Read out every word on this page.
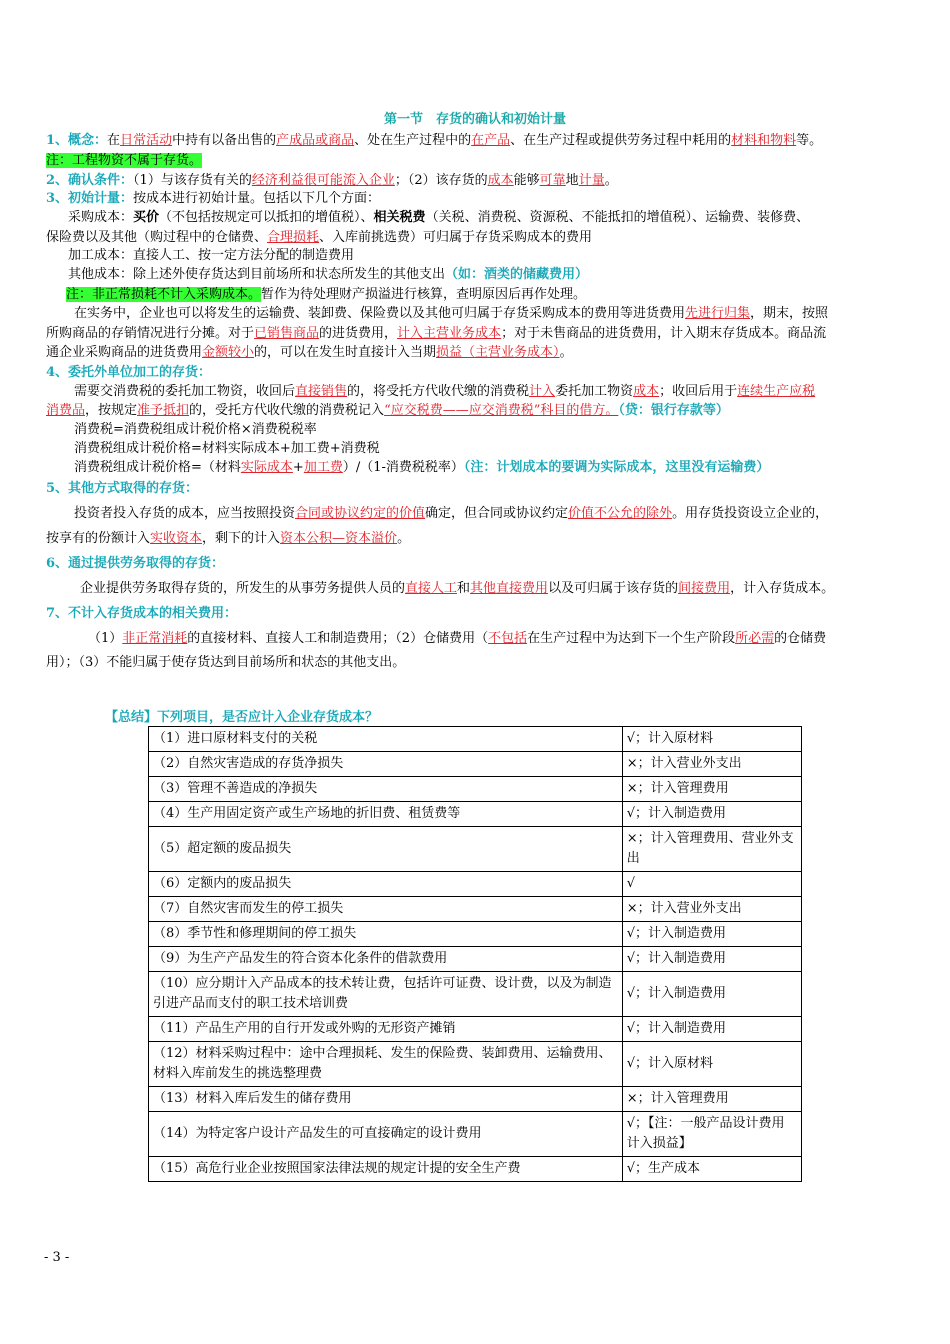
第一节　存货的确认和初始计量
1、概念：在日常活动中持有以备出售的产成品或商品、处在生产过程中的在产品、在生产过程或提供劳务过程中耗用的材料和物料等。
注：工程物资不属于存货。
2、确认条件：（1）与该存货有关的经济利益很可能流入企业；（2）该存货的成本能够可靠地计量。
3、初始计量：按成本进行初始计量。包括以下几个方面：
采购成本：买价（不包括按规定可以抵扣的增值税）、相关税费（关税、消费税、资源税、不能抵扣的增值税）、运输费、装修费、
保险费以及其他（购过程中的仓储费、合理损耗、入库前挑选费）可归属于存货采购成本的费用
加工成本：直接人工、按一定方法分配的制造费用
其他成本：除上述外使存货达到目前场所和状态所发生的其他支出（如：酒类的储藏费用）
注：非正常损耗不计入采购成本。暂作为待处理财产损溢进行核算，查明原因后再作处理。
在实务中，企业也可以将发生的运输费、装卸费、保险费以及其他可归属于存货采购成本的费用等进货费用先进行归集，期末，按照
所购商品的存销情况进行分摊。对于已销售商品的进货费用，计入主营业务成本；对于未售商品的进货费用，计入期末存货成本。商品流
通企业采购商品的进货费用金额较小的，可以在发生时直接计入当期损益（主营业务成本）。
4、委托外单位加工的存货：
需要交消费税的委托加工物资，收回后直接销售的，将受托方代收代缴的消费税计入委托加工物资成本；收回后用于连续生产应税
消费品，按规定准予抵扣的，受托方代收代缴的消费税记入“应交税费——应交消费税”科目的借方。（贷：银行存款等）
消费税=消费税组成计税价格×消费税税率
消费税组成计税价格=材料实际成本+加工费+消费税
消费税组成计税价格=（材料实际成本+加工费）/（1-消费税税率）（注：计划成本的要调为实际成本，这里没有运输费）
5、其他方式取得的存货：
投资者投入存货的成本，应当按照投资合同或协议约定的价值确定，但合同或协议约定价值不公允的除外。用存货投资设立企业的，
按享有的份额计入实收资本，剩下的计入资本公积—资本溢价。
6、通过提供劳务取得的存货：
企业提供劳务取得存货的，所发生的从事劳务提供人员的直接人工和其他直接费用以及可归属于该存货的间接费用，计入存货成本。
7、不计入存货成本的相关费用：
（1）非正常消耗的直接材料、直接人工和制造费用；（2）仓储费用（不包括在生产过程中为达到下一个生产阶段所必需的仓储费
用）；（3）不能归属于使存货达到目前场所和状态的其他支出。
【总结】下列项目，是否应计入企业存货成本？
（1）进口原材料支付的关税	√；计入原材料
（2）自然灾害造成的存货净损失	×；计入营业外支出
（3）管理不善造成的净损失	×；计入管理费用
（4）生产用固定资产或生产场地的折旧费、租赁费等	√；计入制造费用
（5）超定额的废品损失	×；计入管理费用、营业外支出
（6）定额内的废品损失	√
（7）自然灾害而发生的停工损失	×；计入营业外支出
（8）季节性和修理期间的停工损失	√；计入制造费用
（9）为生产产品发生的符合资本化条件的借款费用	√；计入制造费用
（10）应分期计入产品成本的技术转让费，包括许可证费、设计费，以及为制造引进产品而支付的职工技术培训费	√；计入制造费用
（11）产品生产用的自行开发或外购的无形资产摊销	√；计入制造费用
（12）材料采购过程中：途中合理损耗、发生的保险费、装卸费用、运输费用、材料入库前发生的挑选整理费	√；计入原材料
（13）材料入库后发生的储存费用	×；计入管理费用
（14）为特定客户设计产品发生的可直接确定的设计费用	√；【注：一般产品设计费用计入损益】
（15）高危行业企业按照国家法律法规的规定计提的安全生产费	√；生产成本
- 3 -
